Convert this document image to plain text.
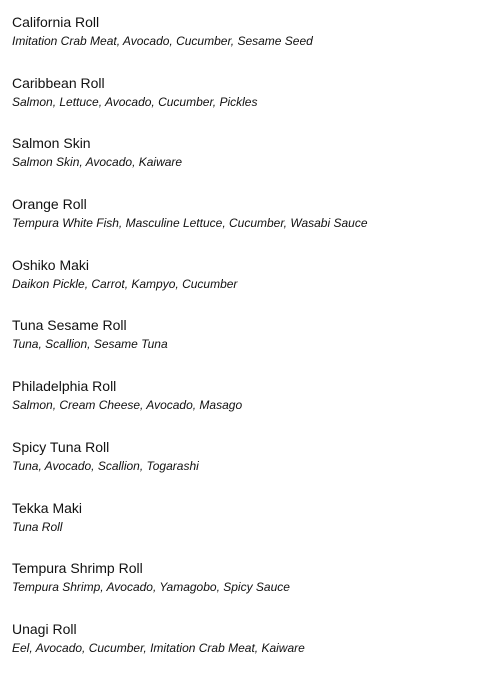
California Roll

Imitation Crab Meat, Avocado, Cucumber, Sesame Seed

Caribbean Roll

Salmon, Lettuce, Avocado, Cucumber, Pickles

Salmon Skin

Salmon Skin, Avocado, Kaiware

Orange Roll

Tempura White Fish, Masculine Lettuce, Cucumber, Wasabi Sauce

Oshiko Maki

Daikon Pickle, Carrot, Kampyo, Cucumber

Tuna Sesame Roll

Tuna, Scallion, Sesame Tuna

Philadelphia Roll

Salmon, Cream Cheese, Avocado, Masago

Spicy Tuna Roll

Tuna, Avocado, Scallion, Togarashi

Tekka Maki

Tuna Roll

Tempura Shrimp Roll

Tempura Shrimp, Avocado, Yamagobo, Spicy Sauce

Unagi Roll

Eel, Avocado, Cucumber, Imitation Crab Meat, Kaiware
